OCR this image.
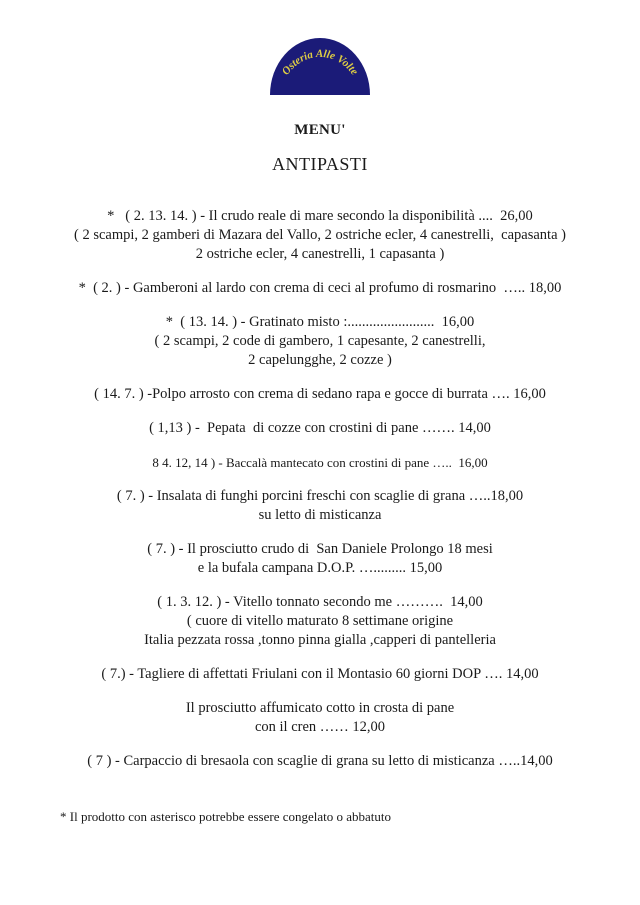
Osteria Alle Volte
MENU'
ANTIPASTI
*   ( 2. 13. 14. ) - Il crudo reale di mare secondo la disponibilità ....  26,00
( 2 scampi, 2 gamberi di Mazara del Vallo, 2 ostriche ecler, 4 canestrelli,  capasanta )
2 ostriche ecler, 4 canestrelli, 1 capasanta )
*  ( 2. ) - Gamberoni al lardo con crema di ceci al profumo di rosmarino  ….. 18,00
*  ( 13. 14. ) - Gratinato misto :........................  16,00
( 2 scampi, 2 code di gambero, 1 capesante, 2 canestrelli,
2 capelungghe, 2 cozze )
( 14. 7. ) -Polpo arrosto con crema di sedano rapa e gocce di burrata …. 16,00
( 1,13 ) -  Pepata  di cozze con crostini di pane ……. 14,00
8 4. 12, 14 ) - Baccalà mantecato con crostini di pane …..  16,00
( 7. ) - Insalata di funghi porcini freschi con scaglie di grana …..18,00
su letto di misticanza
( 7. ) - Il prosciutto crudo di  San Daniele Prolongo 18 mesi
e la bufala campana D.O.P. …......... 15,00
( 1. 3. 12. ) - Vitello tonnato secondo me ……….  14,00
( cuore di vitello maturato 8 settimane origine
Italia pezzata rossa ,tonno pinna gialla ,capperi di pantelleria
( 7.) - Tagliere di affettati Friulani con il Montasio 60 giorni DOP …. 14,00
Il prosciutto affumicato cotto in crosta di pane
con il cren …… 12,00
( 7 ) - Carpaccio di bresaola con scaglie di grana su letto di misticanza …..14,00
* Il prodotto con asterisco potrebbe essere congelato o abbatuto
